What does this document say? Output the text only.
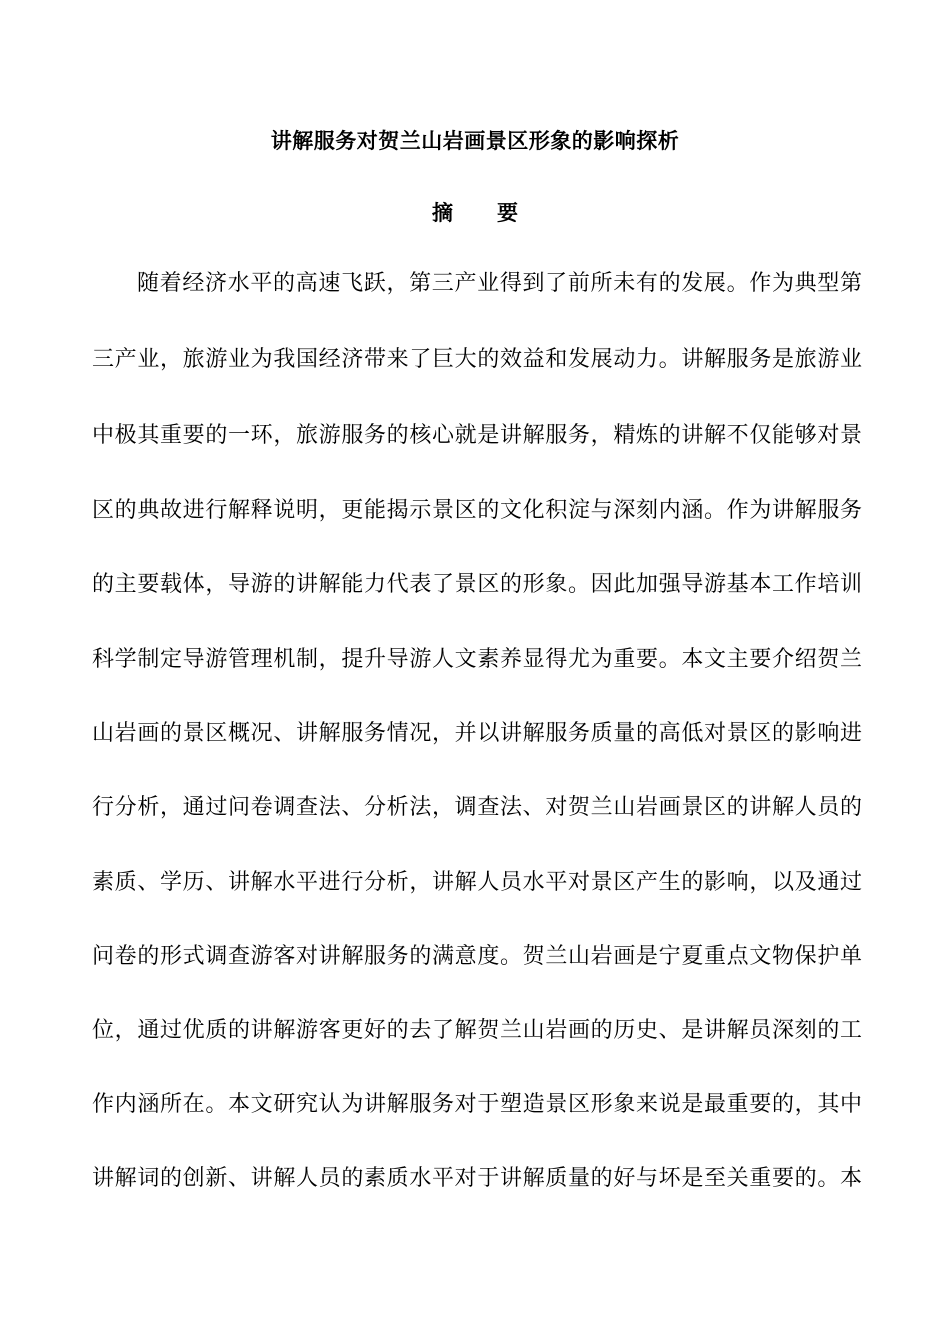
讲解服务对贺兰山岩画景区形象的影响探析
摘要
随着经济水平的高速飞跃，第三产业得到了前所未有的发展。作为典型第
三产业，旅游业为我国经济带来了巨大的效益和发展动力。讲解服务是旅游业
中极其重要的一环，旅游服务的核心就是讲解服务，精炼的讲解不仅能够对景
区的典故进行解释说明，更能揭示景区的文化积淀与深刻内涵。作为讲解服务
的主要载体，导游的讲解能力代表了景区的形象。因此加强导游基本工作培训
科学制定导游管理机制，提升导游人文素养显得尤为重要。本文主要介绍贺兰
山岩画的景区概况、讲解服务情况，并以讲解服务质量的高低对景区的影响进
行分析，通过问卷调查法、分析法，调查法、对贺兰山岩画景区的讲解人员的
素质、学历、讲解水平进行分析，讲解人员水平对景区产生的影响，以及通过
问卷的形式调查游客对讲解服务的满意度。贺兰山岩画是宁夏重点文物保护单
位，通过优质的讲解游客更好的去了解贺兰山岩画的历史、是讲解员深刻的工
作内涵所在。本文研究认为讲解服务对于塑造景区形象来说是最重要的，其中
讲解词的创新、讲解人员的素质水平对于讲解质量的好与坏是至关重要的。本
